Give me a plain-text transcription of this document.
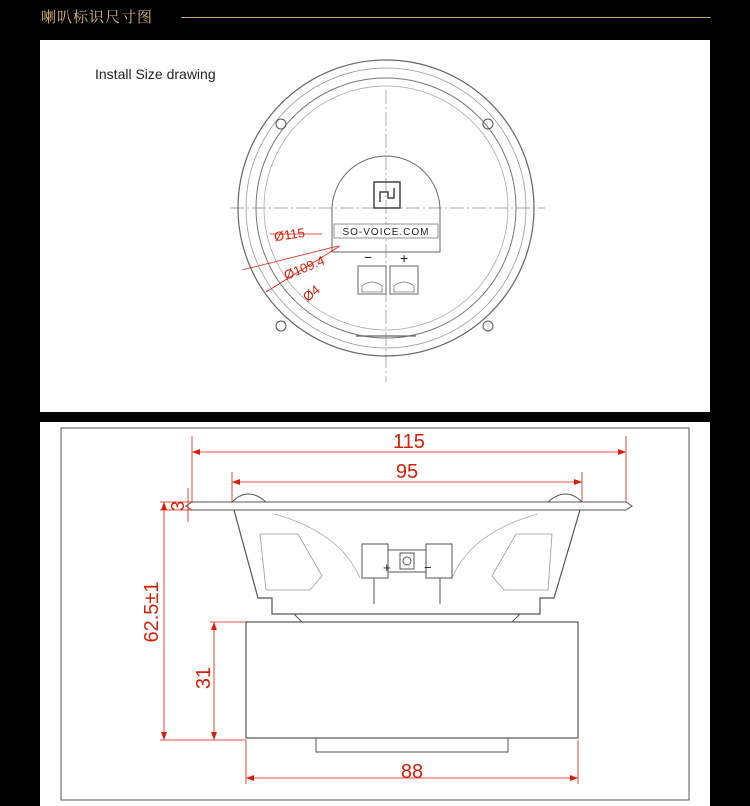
喇叭标识尺寸图
Install Size drawing
SO-VOICE.COM
− +
Ø115
Ø109.4
Ø4
+	−
115
95
3
62.5±1
31
88
